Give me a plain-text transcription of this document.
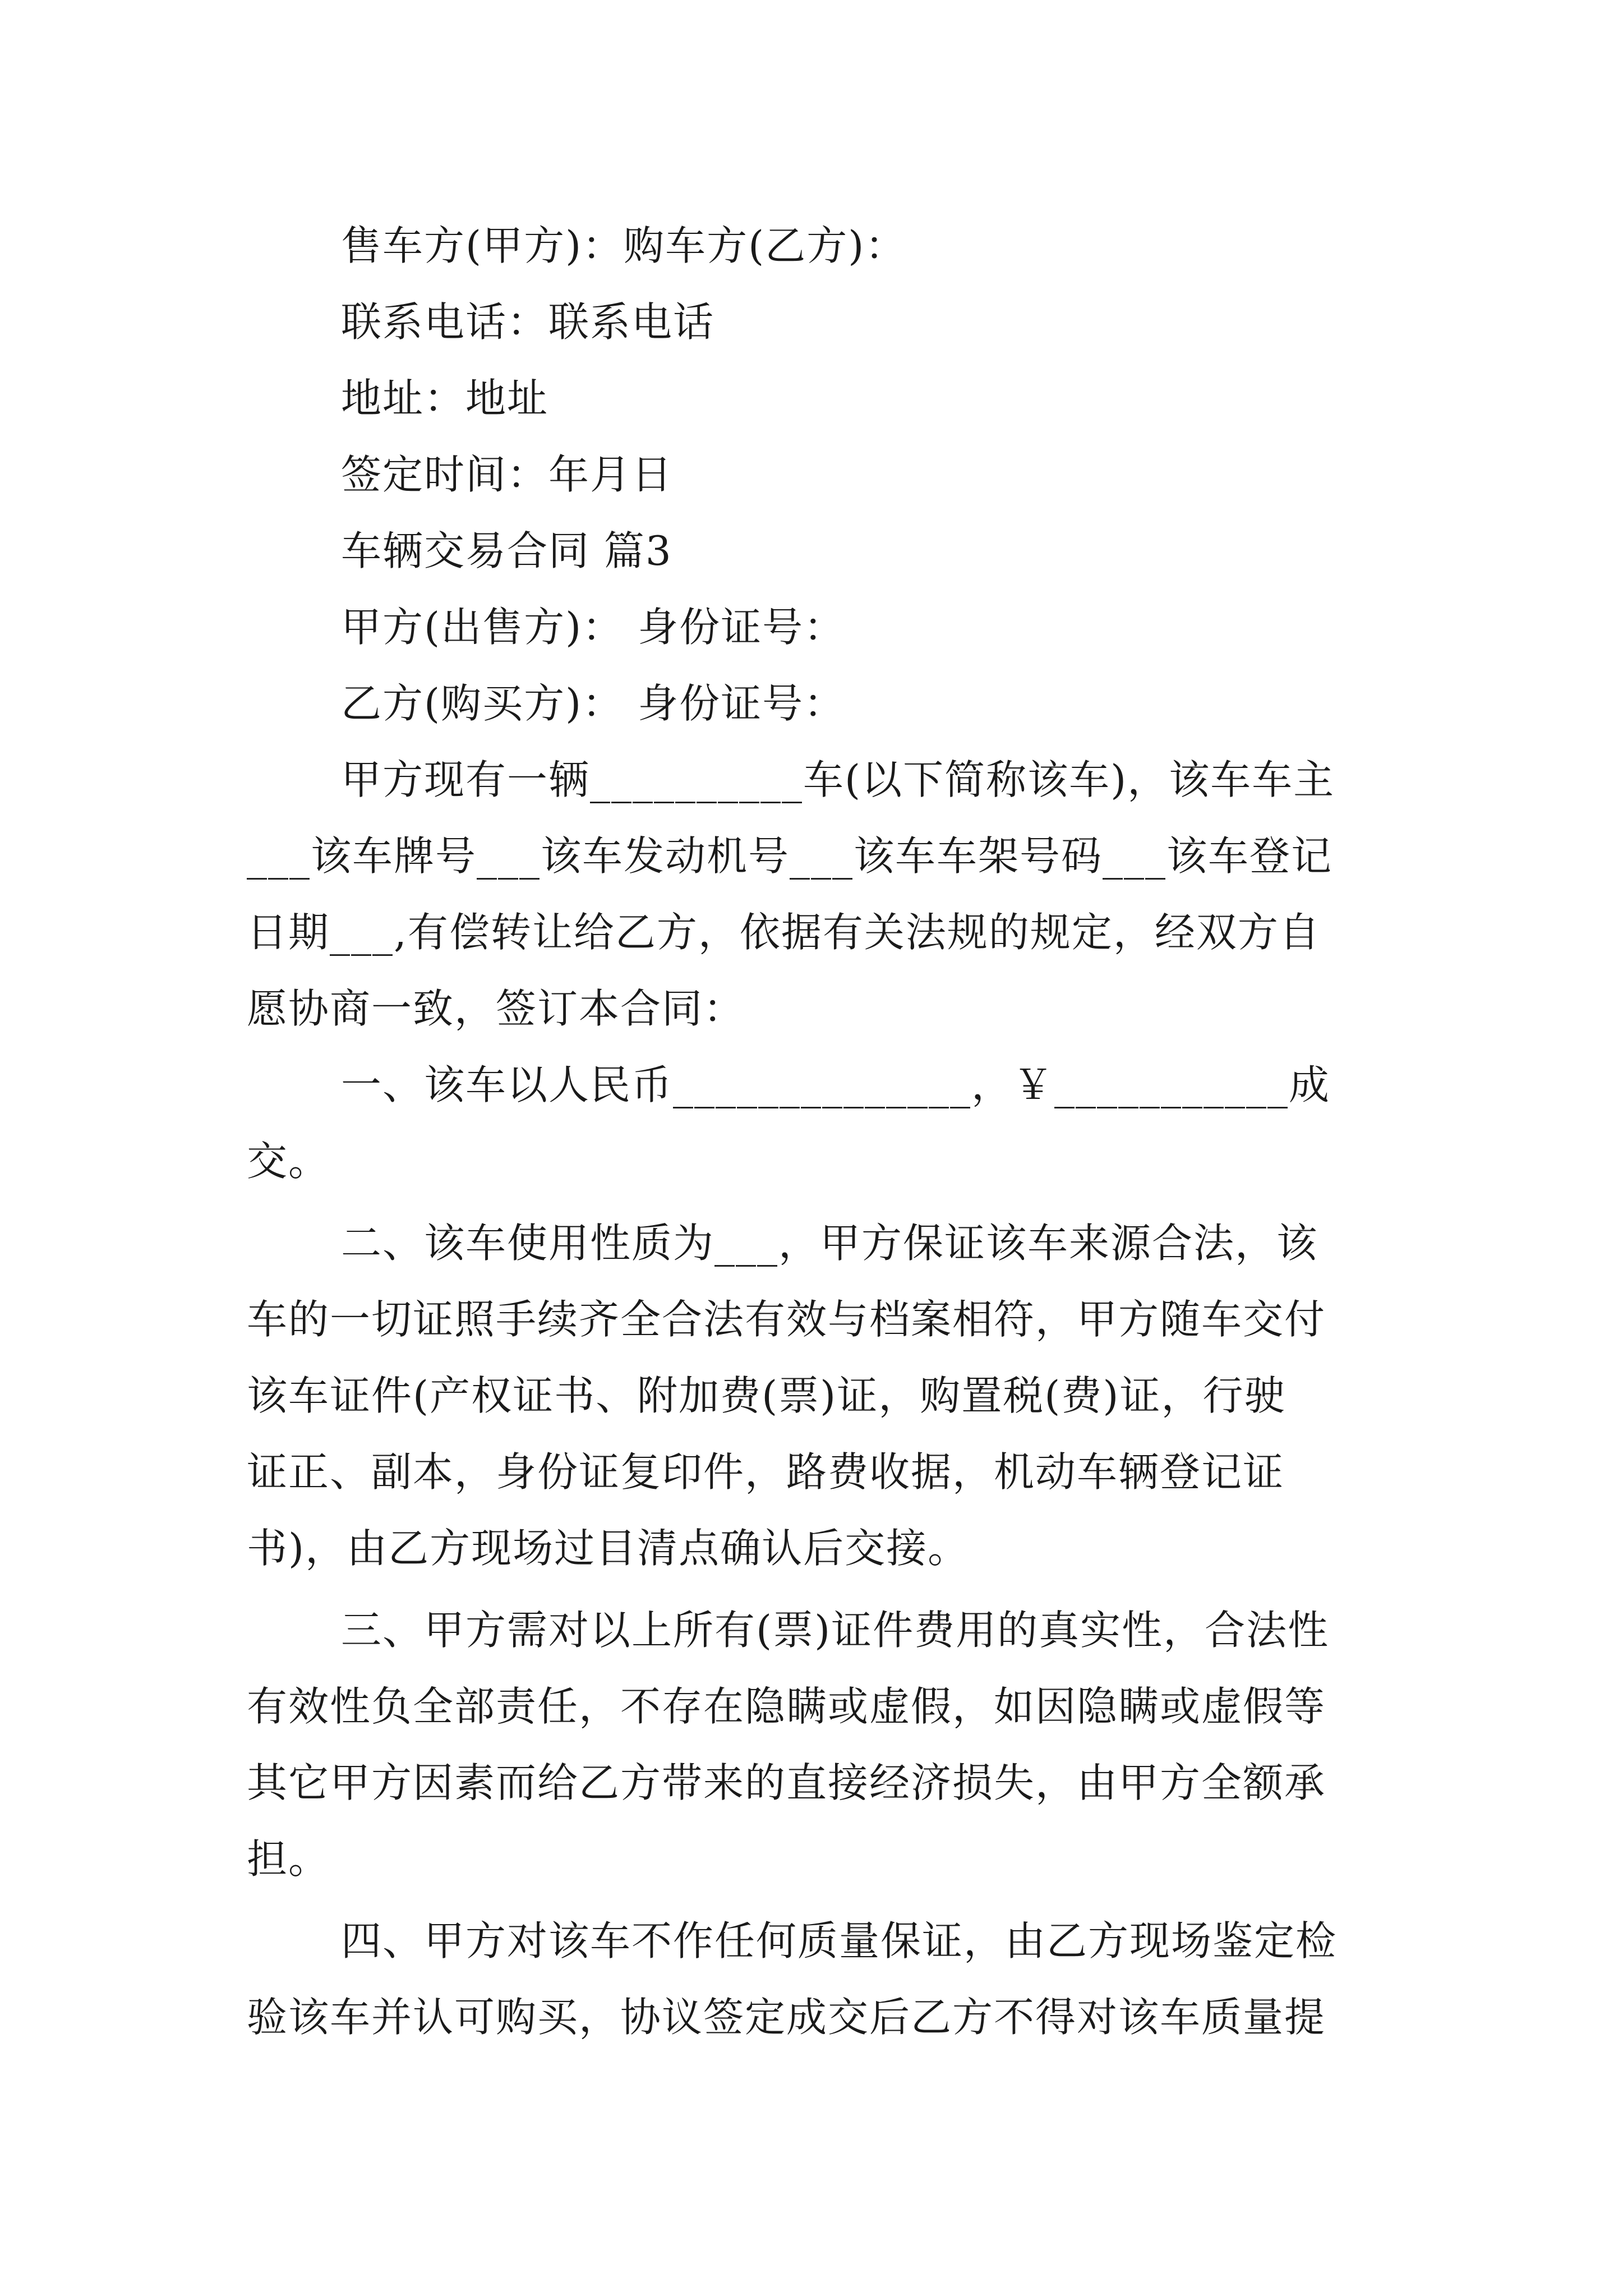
售车方(甲方)：购车方(乙方)：
联系电话：联系电话
地址：地址
签定时间：年月日
车辆交易合同 篇3
甲方(出售方)： 身份证号：
乙方(购买方)： 身份证号：
甲方现有一辆__________车(以下简称该车)，该车车主
___该车牌号___该车发动机号___该车车架号码___该车登记
日期___,有偿转让给乙方，依据有关法规的规定，经双方自
愿协商一致，签订本合同：
一、该车以人民币______________，￥___________成
交。
二、该车使用性质为___，甲方保证该车来源合法，该
车的一切证照手续齐全合法有效与档案相符，甲方随车交付
该车证件(产权证书、附加费(票)证，购置税(费)证，行驶
证正、副本，身份证复印件，路费收据，机动车辆登记证
书)，由乙方现场过目清点确认后交接。
三、甲方需对以上所有(票)证件费用的真实性，合法性
有效性负全部责任，不存在隐瞒或虚假，如因隐瞒或虚假等
其它甲方因素而给乙方带来的直接经济损失，由甲方全额承
担。
四、甲方对该车不作任何质量保证，由乙方现场鉴定检
验该车并认可购买，协议签定成交后乙方不得对该车质量提
